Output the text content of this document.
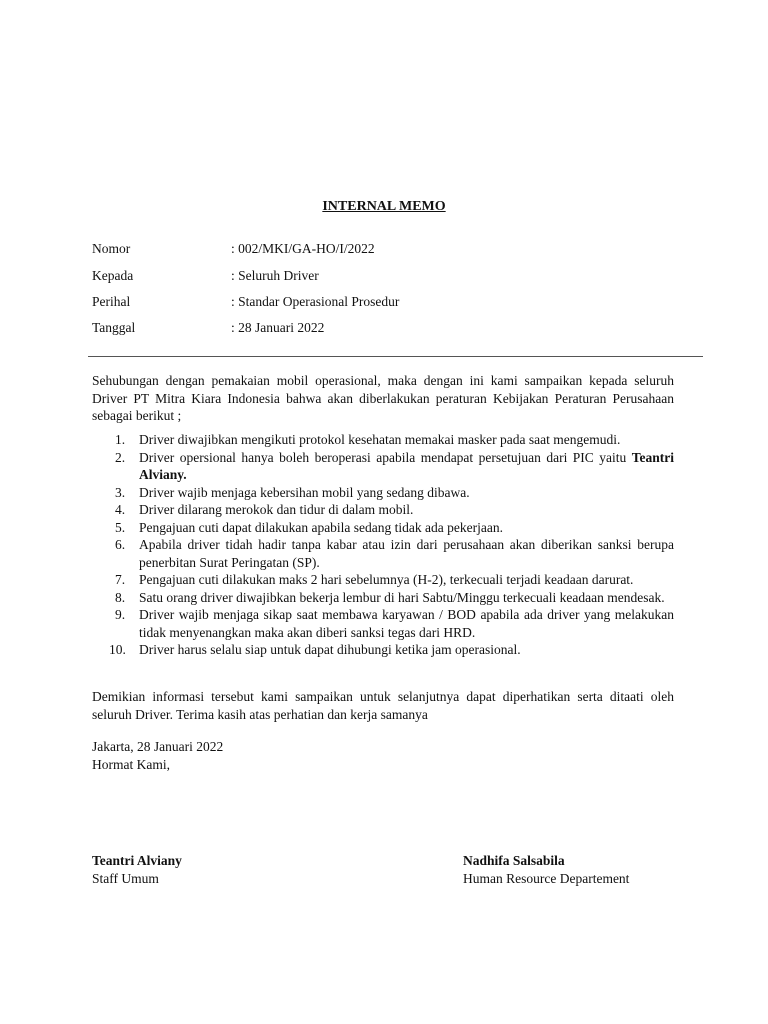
INTERNAL MEMO
Nomor	: 002/MKI/GA-HO/I/2022
Kepada	: Seluruh Driver
Perihal	: Standar Operasional Prosedur
Tanggal	: 28 Januari 2022
Sehubungan dengan pemakaian mobil operasional, maka dengan ini kami sampaikan kepada seluruh Driver PT Mitra Kiara Indonesia bahwa akan diberlakukan peraturan Kebijakan Peraturan Perusahaan sebagai berikut ;
1. Driver diwajibkan mengikuti protokol kesehatan memakai masker pada saat mengemudi.
2. Driver opersional hanya boleh beroperasi apabila mendapat persetujuan dari PIC yaitu Teantri Alviany.
3. Driver wajib menjaga kebersihan mobil yang sedang dibawa.
4. Driver dilarang merokok dan tidur di dalam mobil.
5. Pengajuan cuti dapat dilakukan apabila sedang tidak ada pekerjaan.
6. Apabila driver tidah hadir tanpa kabar atau izin dari perusahaan akan diberikan sanksi berupa penerbitan Surat Peringatan (SP).
7. Pengajuan cuti dilakukan maks 2 hari sebelumnya (H-2), terkecuali terjadi keadaan darurat.
8. Satu orang driver diwajibkan bekerja lembur di hari Sabtu/Minggu terkecuali keadaan mendesak.
9. Driver wajib menjaga sikap saat membawa karyawan / BOD apabila ada driver yang melakukan tidak menyenangkan maka akan diberi sanksi tegas dari HRD.
10. Driver harus selalu siap untuk dapat dihubungi ketika jam operasional.
Demikian informasi tersebut kami sampaikan untuk selanjutnya dapat diperhatikan serta ditaati oleh seluruh Driver. Terima kasih atas perhatian dan kerja samanya
Jakarta, 28 Januari 2022
Hormat Kami,
Teantri Alviany
Staff Umum
Nadhifa Salsabila
Human Resource Departement
